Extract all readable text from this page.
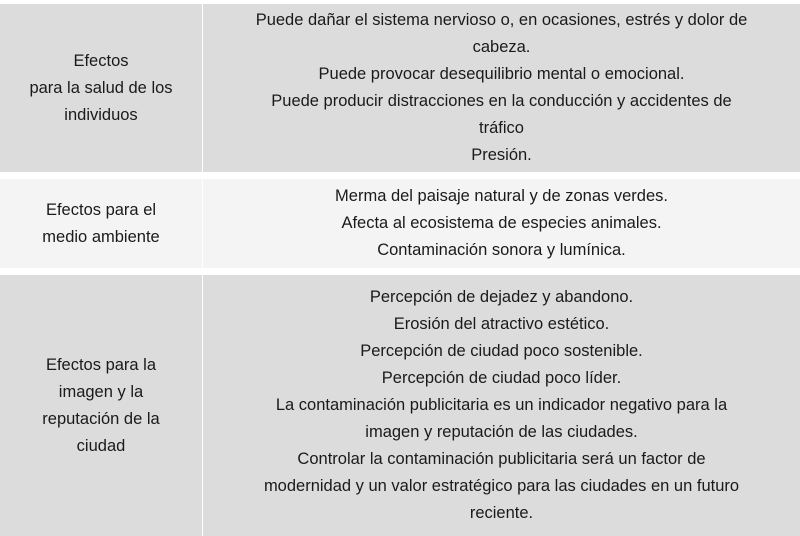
Efectos
para la salud de los
individuos

Puede dañar el sistema nervioso o, en ocasiones, estrés y dolor de
cabeza.

Puede provocar desequilibrio mental o emocional.

Puede producir distracciones en la conducción y accidentes de
tráfico

Presión.

Efectos para el
medio ambiente

Merma del paisaje natural y de zonas verdes.

Afecta al ecosistema de especies animales.

Contaminación sonora y lumínica.

Efectos para la
imagen y la
reputación de la
ciudad

Percepción de dejadez y abandono.

Erosión del atractivo estético.

Percepción de ciudad poco sostenible.

Percepción de ciudad poco líder.

La contaminación publicitaria es un indicador negativo para la
imagen y reputación de las ciudades.

Controlar la contaminación publicitaria será un factor de
modernidad y un valor estratégico para las ciudades en un futuro
reciente.
